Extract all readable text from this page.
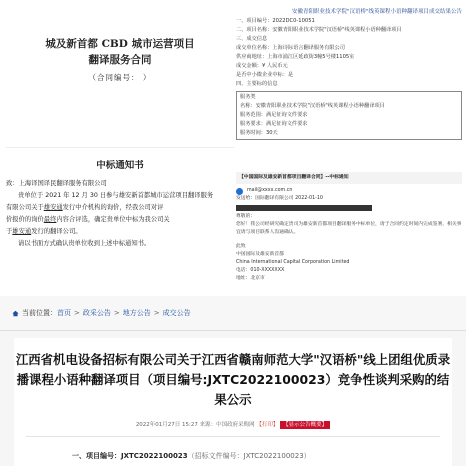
城及新首都 CBD 城市运营项目
翻译服务合同
（合同编号： ）
安徽青阳职业技术学院"汉语桥"线英课程小语种翻译项目成交结果公告
一、项目编号：2022DC0-10051
二、项目名称：安徽青阳职业技术学院"汉语桥"线英课程小语种翻译项目
三、成交信息
成交单位名称：上海诗际语言翻译服务有限公司
供应商地址：上海市浦江区延政街3幢5号楼1105室
成交金额：¥ 人民币元
是否中小微企业中标：是
四、主要标的信息
服务类
名称：安徽青阳职业技术学院"汉语桥"线英课程小语种翻译项目
服务范围：满足征询文件要求
服务要求：满足征询文件要求
服务时间：30天
中标通知书

致：上海译国译民翻译服务有限公司

贵单位于 2021 年 12 月 30 日参与雄安新首都城市运营项目翻译服务

有限公司关于雄安通发行中介机构的询价，经我公司对评

价报价的询价最终内容合评选，确定贵单位中标为我公司关

于雄安通发行的翻译公司。

请以书面方式确认贵单位收到上述中标通知书。

【中国国际及雄安新首都项目翻译合同】--中标通知
mail@xxxx.com.cn
发送给：国际翻译有限公司 2022-01-10
尊敬的：
您好！我公司经研究确定贵司为雄安新首都项目翻译服务中标单位，请于合同约定时间内完成签署，相关事宜请与项目联系人沟通确认。
此致
中国国际及雄安新首都
China International Capital Corporation Limited
电话：010-XXXXXXX
地址：北京市
当前位置： 首页 > 政采公告 > 地方公告 > 成交公告
江西省机电设备招标有限公司关于江西省赣南师范大学"汉语桥"线上团组优质录
播课程小语种翻译项目（项目编号:JXTC2022100023）竞争性谈判采购的结果公示
2022年01月27日 15:27 来源：中国政府采购网 【打印】 【显示公告概要】
一、项目编号：JXTC2022100023（招标文件编号：JXTC2022100023）
